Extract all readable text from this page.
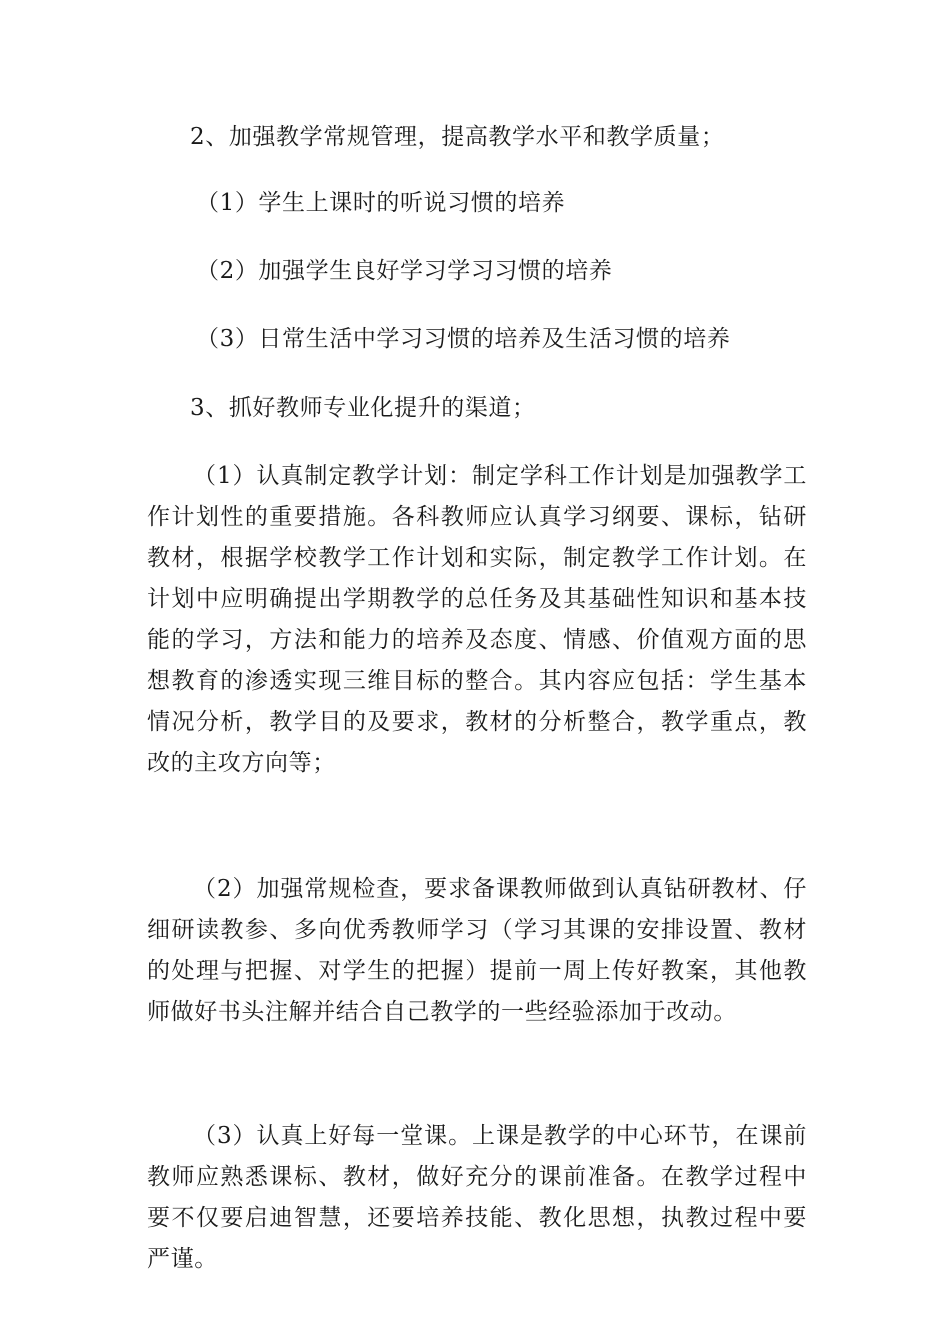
2、加强教学常规管理，提高教学水平和教学质量；
（1）学生上课时的听说习惯的培养
（2）加强学生良好学习学习习惯的培养
（3）日常生活中学习习惯的培养及生活习惯的培养
3、抓好教师专业化提升的渠道；
（1）认真制定教学计划：制定学科工作计划是加强教学工作计划性的重要措施。各科教师应认真学习纲要、课标，钻研教材，根据学校教学工作计划和实际，制定教学工作计划。在计划中应明确提出学期教学的总任务及其基础性知识和基本技能的学习，方法和能力的培养及态度、情感、价值观方面的思想教育的渗透实现三维目标的整合。其内容应包括：学生基本情况分析，教学目的及要求，教材的分析整合，教学重点，教改的主攻方向等；
（2）加强常规检查，要求备课教师做到认真钻研教材、仔细研读教参、多向优秀教师学习（学习其课的安排设置、教材的处理与把握、对学生的把握）提前一周上传好教案，其他教师做好书头注解并结合自己教学的一些经验添加于改动。
（3）认真上好每一堂课。上课是教学的中心环节，在课前教师应熟悉课标、教材，做好充分的课前准备。在教学过程中要不仅要启迪智慧，还要培养技能、教化思想，执教过程中要严谨。
